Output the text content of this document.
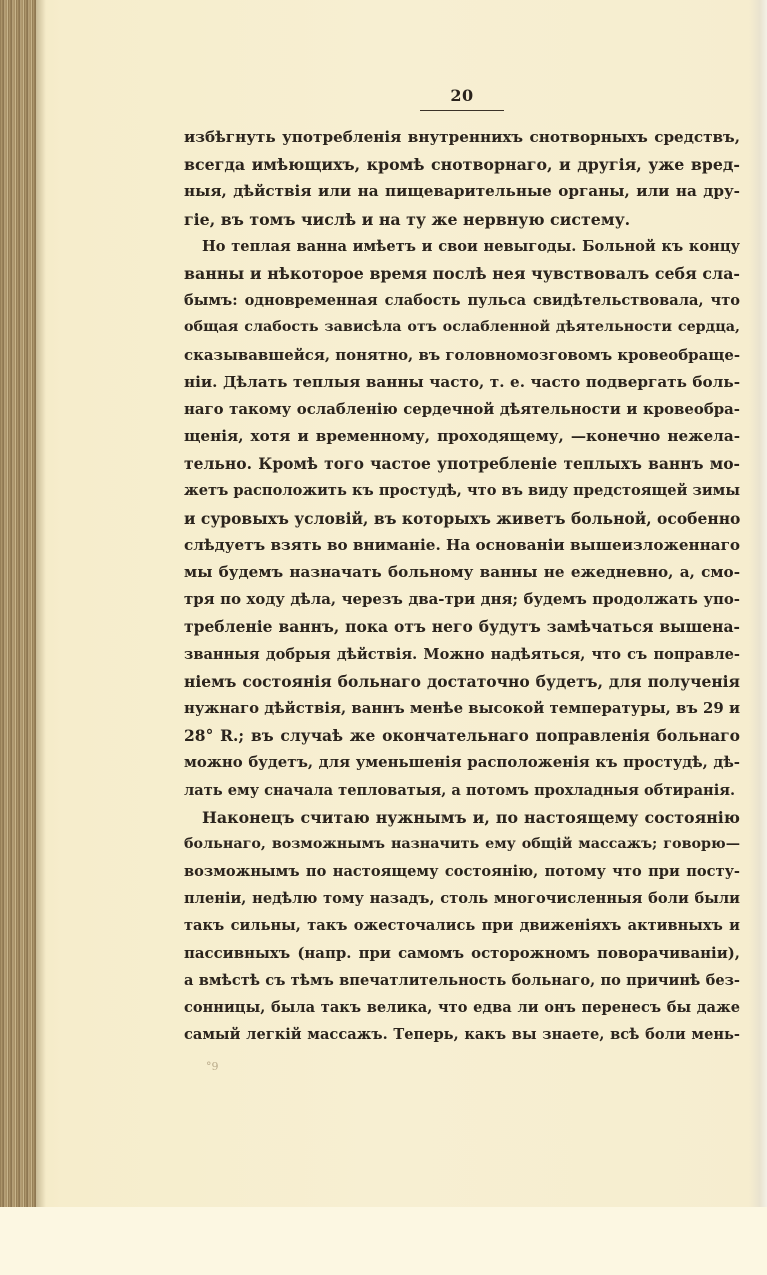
20
избѣгнуть употребленія внутреннихъ снотворныхъ средствъ,
всегда имѣющихъ, кромѣ снотворнаго, и другія, уже вред-
ныя, дѣйствія или на пищеварительные органы, или на дру-
гіе, въ томъ числѣ и на ту же нервную систему.
Но теплая ванна имѣетъ и свои невыгоды. Больной къ концу
ванны и нѣкоторое время послѣ нея чувствовалъ себя сла-
бымъ: одновременная слабость пульса свидѣтельствовала, что
общая слабость зависѣла отъ ослабленной дѣятельности сердца,
сказывавшейся, понятно, въ головномозговомъ кровеобраще-
ніи. Дѣлать теплыя ванны часто, т. е. часто подвергать боль-
наго такому ослабленію сердечной дѣятельности и кровеобра-
щенія, хотя и временному, проходящему, —конечно нежела-
тельно. Кромѣ того частое употребленіе теплыхъ ваннъ мо-
жетъ расположить къ простудѣ, что въ виду предстоящей зимы
и суровыхъ условій, въ которыхъ живетъ больной, особенно
слѣдуетъ взять во вниманіе. На основаніи вышеизложеннаго
мы будемъ назначать больному ванны не ежедневно, а, смо-
тря по ходу дѣла, черезъ два-три дня; будемъ продолжать упо-
требленіе ваннъ, пока отъ него будутъ замѣчаться вышена-
званныя добрыя дѣйствія. Можно надѣяться, что съ поправле-
ніемъ состоянія больнаго достаточно будетъ, для полученія
нужнаго дѣйствія, ваннъ менѣе высокой температуры, въ 29 и
28° R.; въ случаѣ же окончательнаго поправленія больнаго
можно будетъ, для уменьшенія расположенія къ простудѣ, дѣ-
лать ему сначала тепловатыя, а потомъ прохладныя обтиранія.
Наконецъ считаю нужнымъ и, по настоящему состоянію
больнаго, возможнымъ назначить ему общій массажъ; говорю—
возможнымъ по настоящему состоянію, потому что при посту-
пленіи, недѣлю тому назадъ, столь многочисленныя боли были
такъ сильны, такъ ожесточались при движеніяхъ активныхъ и
пассивныхъ (напр. при самомъ осторожномъ поворачиваніи),
а вмѣстѣ съ тѣмъ впечатлительность больнаго, по причинѣ без-
сонницы, была такъ велика, что едва ли онъ перенесъ бы даже
самый легкій массажъ. Теперь, какъ вы знаете, всѣ боли мень-
°9
